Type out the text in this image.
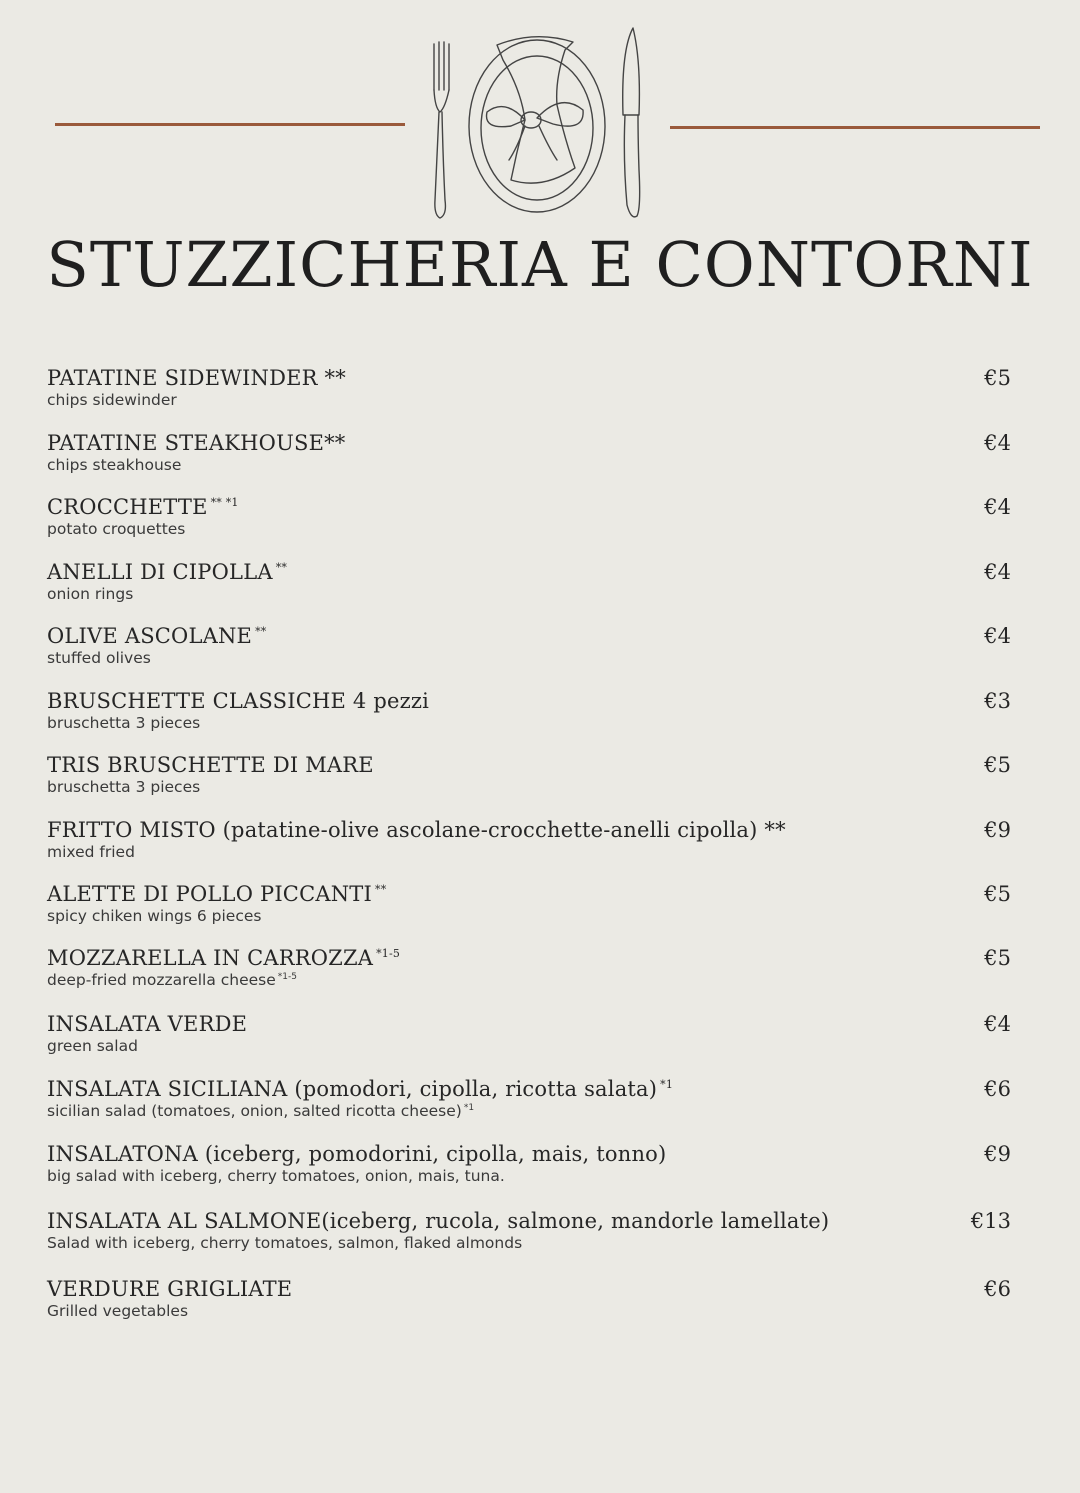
STUZZICHERIA E CONTORNI
PATATINE SIDEWINDER **
chips sidewinder
€5
PATATINE STEAKHOUSE**
chips steakhouse
€4
CROCCHETTE $^{** *1}$
potato croquettes
€4
ANELLI DI CIPOLLA **
onion rings
€4
OLIVE ASCOLANE **
stuffed olives
€4
BRUSCHETTE CLASSICHE 4 pezzi
bruschetta 3 pieces
€3
TRIS BRUSCHETTE DI MARE
bruschetta 3 pieces
€5
FRITTO MISTO (patatine-olive ascolane-crocchette-anelli cipolla) **
mixed fried
€9
ALETTE DI POLLO PICCANTI **
spicy chiken wings 6 pieces
€5
MOZZARELLA IN CARROZZA $^{*1-5}$
deep-fried mozzarella cheese $^{*1-5}$
€5
INSALATA VERDE
green salad
€4
INSALATA SICILIANA (pomodori, cipolla, ricotta salata) $^{*1}$
sicilian salad (tomatoes, onion, salted ricotta cheese) $^{*1}$
€6
INSALATONA (iceberg, pomodorini, cipolla, mais, tonno)
big salad with iceberg, cherry tomatoes, onion, mais, tuna.
€9
INSALATA AL SALMONE(iceberg, rucola, salmone, mandorle lamellate)
Salad with iceberg, cherry tomatoes, salmon, flaked almonds
€13
VERDURE GRIGLIATE
Grilled vegetables
€6
